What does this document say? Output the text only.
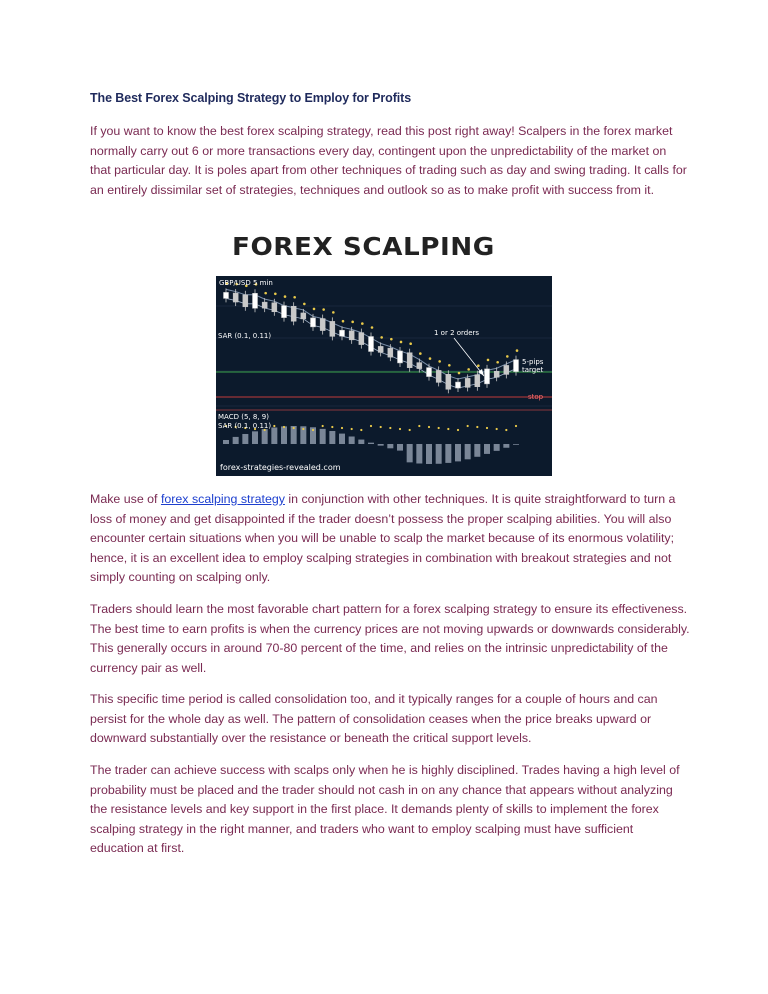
The Best Forex Scalping Strategy to Employ for Profits

If you want to know the best forex scalping strategy, read this post right away! Scalpers in the forex market normally carry out 6 or more transactions every day, contingent upon the unpredictability of the market on that particular day. It is poles apart from other techniques of trading such as day and swing trading. It calls for an entirely dissimilar set of strategies, techniques and outlook so as to make profit with success from it.

FOREX SCALPING
GBP/USD 5 min
SAR (0.1, 0.11)	1 or 2 orders
5-pips
target
stop
MACD (5, 8, 9)
SAR (0.1, 0.11)
forex-strategies-revealed.com

Make use of forex scalping strategy in conjunction with other techniques. It is quite straightforward to turn a loss of money and get disappointed if the trader doesn’t possess the proper scalping abilities. You will also encounter certain situations when you will be unable to scalp the market because of its enormous volatility; hence, it is an excellent idea to employ scalping strategies in combination with breakout strategies and not simply counting on scalping only.

Traders should learn the most favorable chart pattern for a forex scalping strategy to ensure its effectiveness. The best time to earn profits is when the currency prices are not moving upwards or downwards considerably. This generally occurs in around 70-80 percent of the time, and relies on the intrinsic unpredictability of the currency pair as well.

This specific time period is called consolidation too, and it typically ranges for a couple of hours and can persist for the whole day as well. The pattern of consolidation ceases when the price breaks upward or downward substantially over the resistance or beneath the critical support levels.

The trader can achieve success with scalps only when he is highly disciplined. Trades having a high level of probability must be placed and the trader should not cash in on any chance that appears without analyzing the resistance levels and key support in the first place. It demands plenty of skills to implement the forex scalping strategy in the right manner, and traders who want to employ scalping must have sufficient education at first.
